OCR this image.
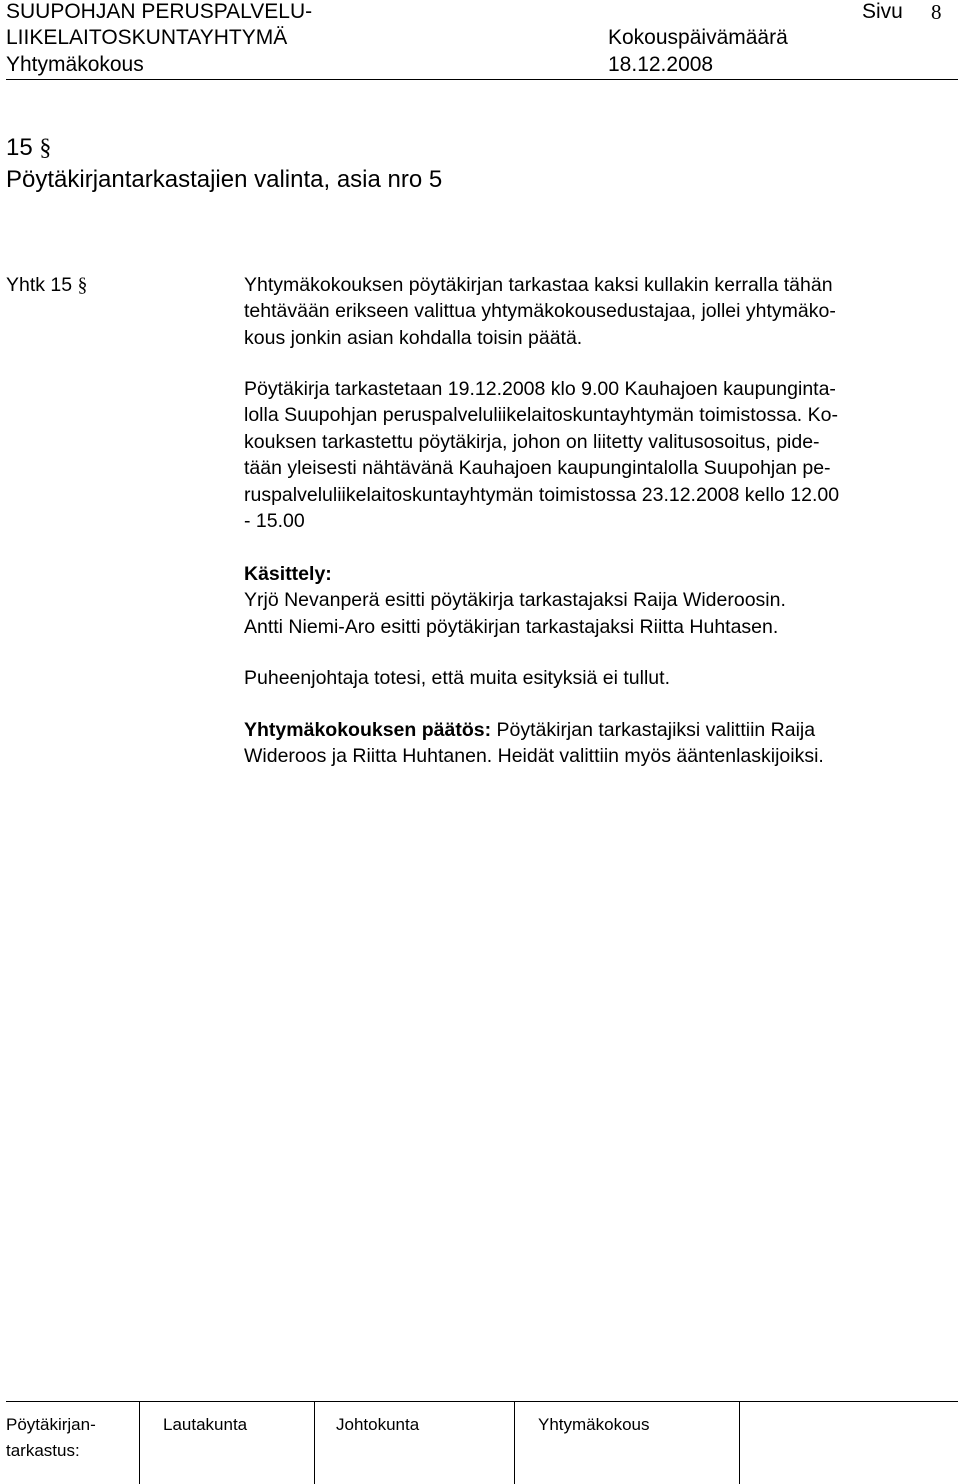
SUUPOHJAN PERUSPALVELU-
LIIKELAITOSKUNTAYHTYMÄ
Yhtymäkokous
Kokouspäivämäärä
18.12.2008
Sivu 8
15 §
Pöytäkirjantarkastajien valinta, asia nro 5
Yhtk 15 §	Yhtymäkokouksen pöytäkirjan tarkastaa kaksi kullakin kerralla tähän
tehtävään erikseen valittua yhtymäkokousedustajaa, jollei yhtymäko-
kous jonkin asian kohdalla toisin päätä.
Pöytäkirja tarkastetaan 19.12.2008 klo 9.00 Kauhajoen kaupunginta-
lolla Suupohjan peruspalveluliikelaitoskuntayhtymän toimistossa. Ko-
kouksen tarkastettu pöytäkirja, johon on liitetty valitusosoitus, pide-
tään yleisesti nähtävänä Kauhajoen kaupungintalolla Suupohjan pe-
ruspalveluliikelaitoskuntayhtymän toimistossa 23.12.2008 kello 12.00
- 15.00
Käsittely:
Yrjö Nevanperä esitti pöytäkirja tarkastajaksi Raija Wideroosin.
Antti Niemi-Aro esitti pöytäkirjan tarkastajaksi Riitta Huhtasen.
Puheenjohtaja totesi, että muita esityksiä ei tullut.
Yhtymäkokouksen päätös: Pöytäkirjan tarkastajiksi valittiin Raija
Wideroos ja Riitta Huhtanen. Heidät valittiin myös ääntenlaskijoiksi.
Pöytäkirjan-
tarkastus:
Lautakunta	Johtokunta	Yhtymäkokous
